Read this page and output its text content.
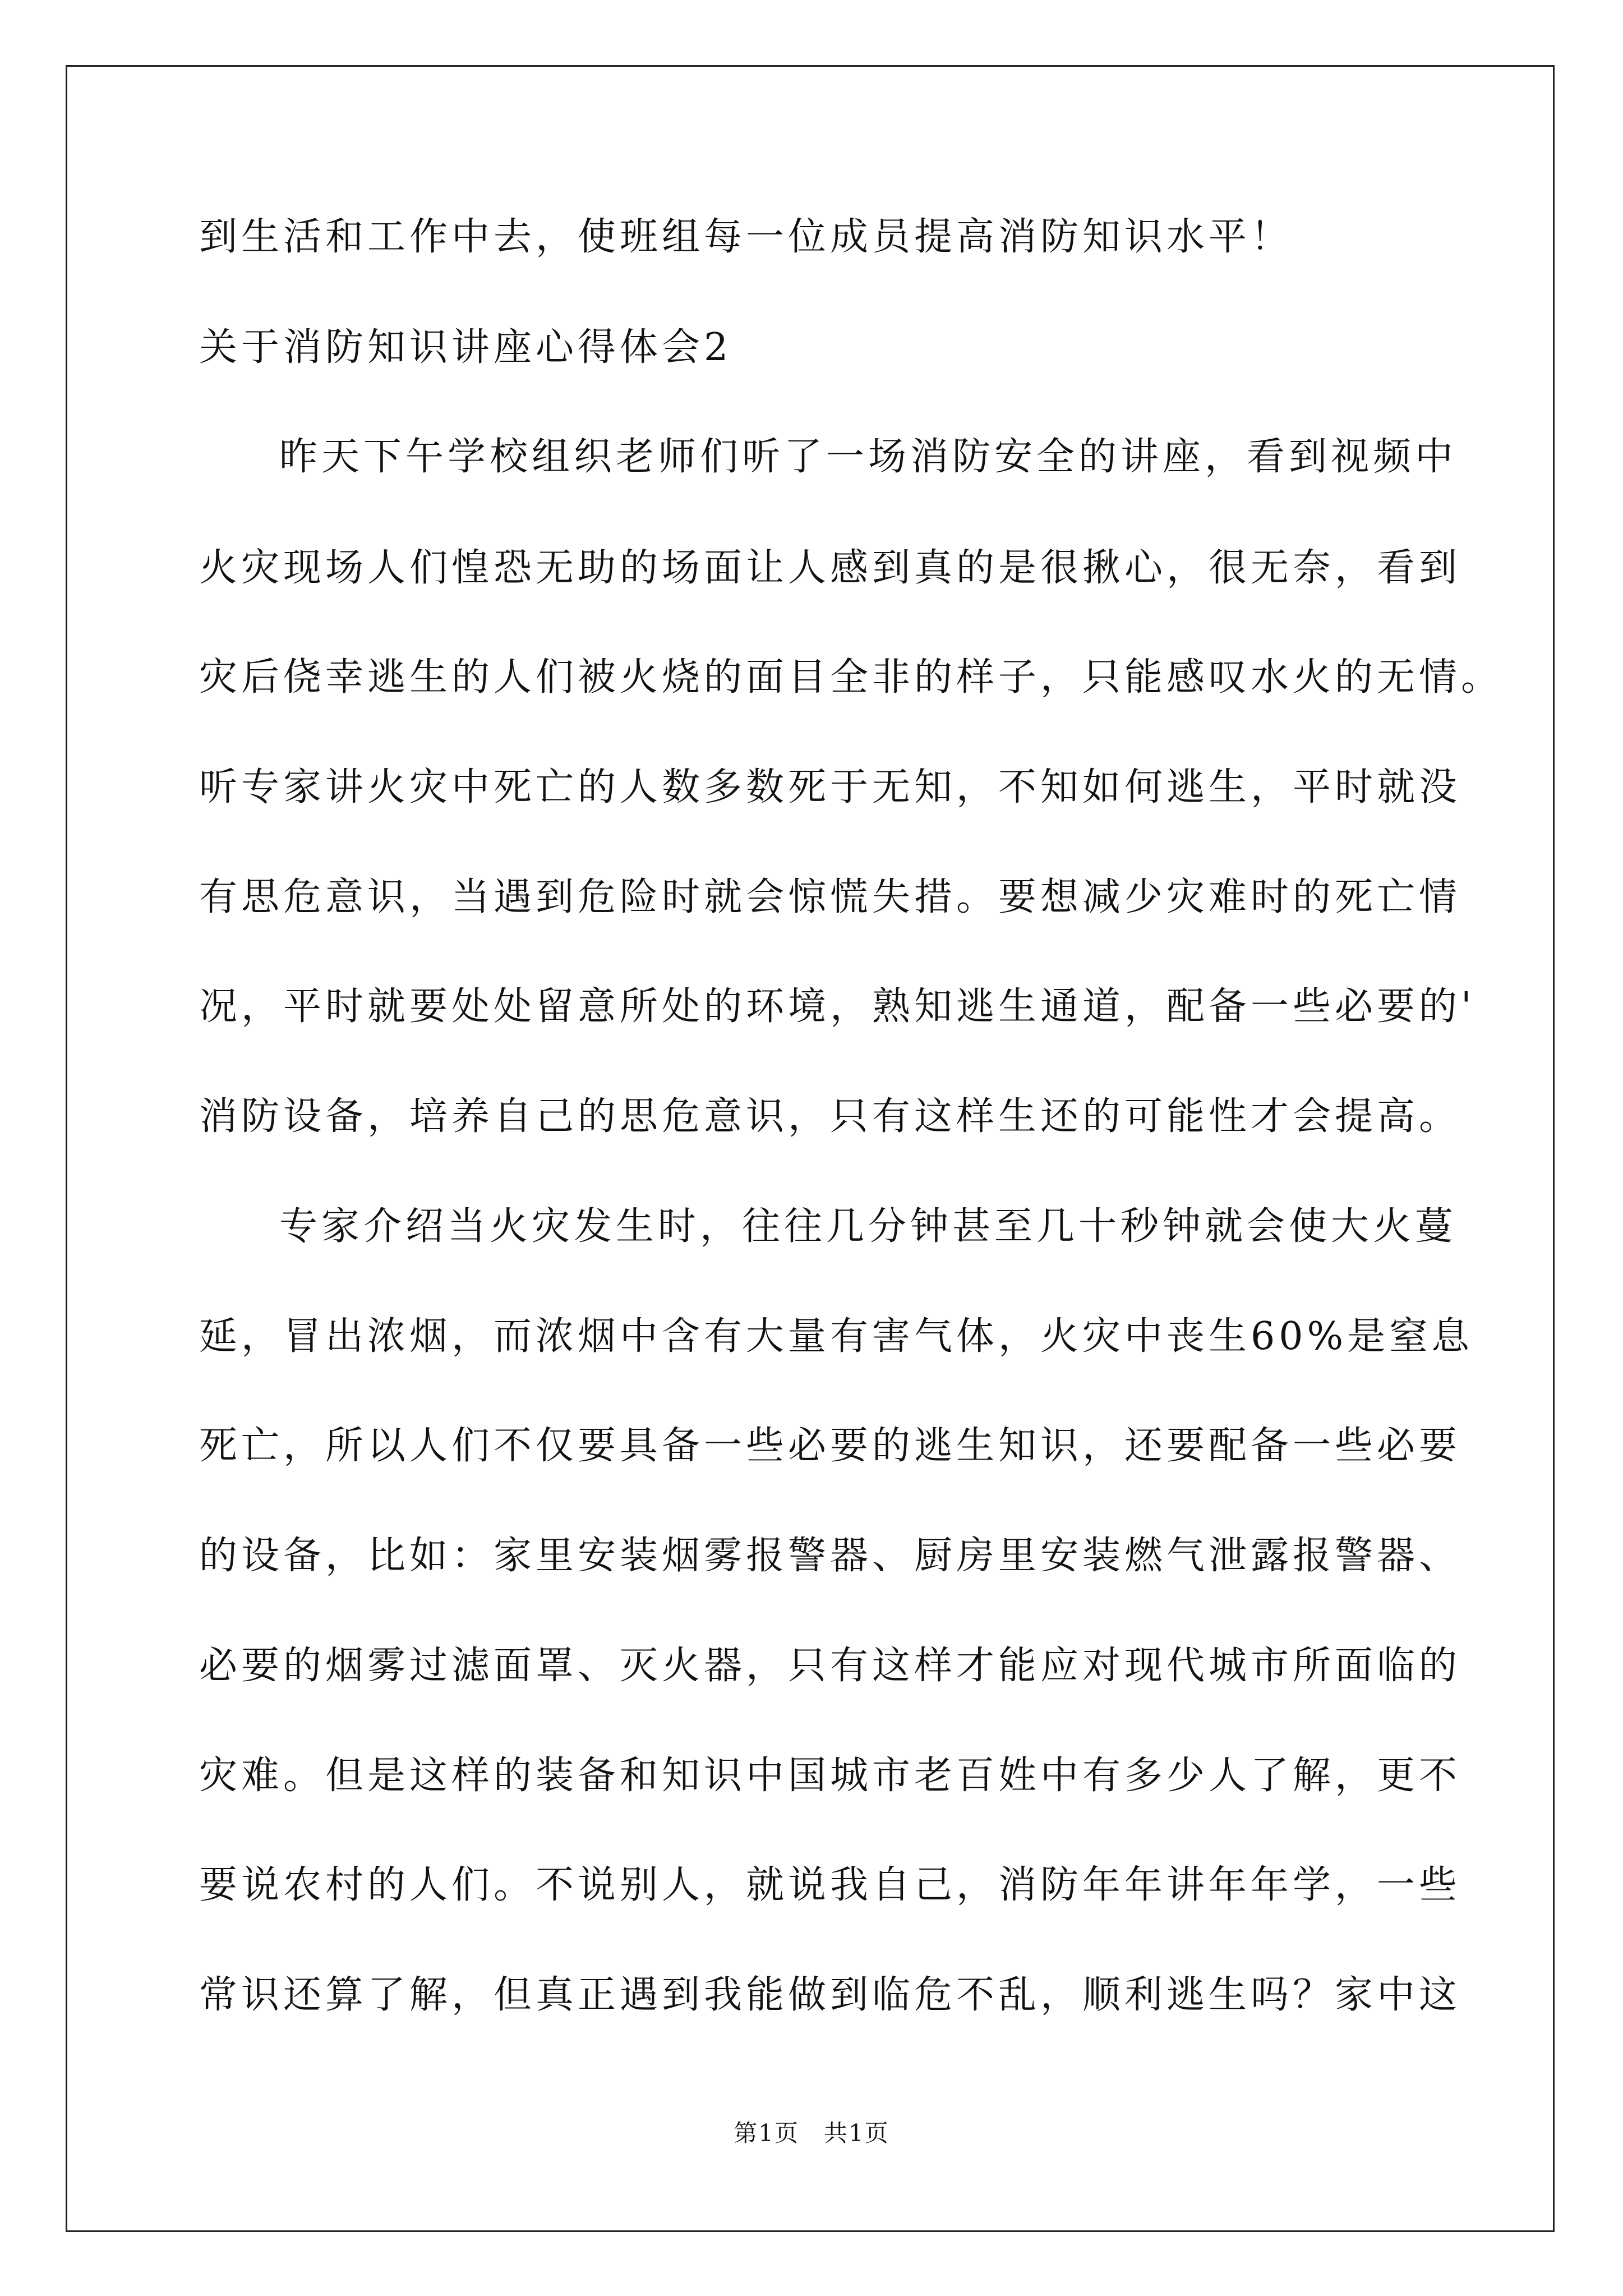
到生活和工作中去，使班组每一位成员提高消防知识水平！
关于消防知识讲座心得体会2
昨天下午学校组织老师们听了一场消防安全的讲座，看到视频中
火灾现场人们惶恐无助的场面让人感到真的是很揪心，很无奈，看到
灾后侥幸逃生的人们被火烧的面目全非的样子，只能感叹水火的无情。
听专家讲火灾中死亡的人数多数死于无知，不知如何逃生，平时就没
有思危意识，当遇到危险时就会惊慌失措。要想减少灾难时的死亡情
况，平时就要处处留意所处的环境，熟知逃生通道，配备一些必要的'
消防设备，培养自己的思危意识，只有这样生还的可能性才会提高。
专家介绍当火灾发生时，往往几分钟甚至几十秒钟就会使大火蔓
延，冒出浓烟，而浓烟中含有大量有害气体，火灾中丧生60%是窒息
死亡，所以人们不仅要具备一些必要的逃生知识，还要配备一些必要
的设备，比如：家里安装烟雾报警器、厨房里安装燃气泄露报警器、
必要的烟雾过滤面罩、灭火器，只有这样才能应对现代城市所面临的
灾难。但是这样的装备和知识中国城市老百姓中有多少人了解，更不
要说农村的人们。不说别人，就说我自己，消防年年讲年年学，一些
常识还算了解，但真正遇到我能做到临危不乱，顺利逃生吗？家中这
第1页　共1页
